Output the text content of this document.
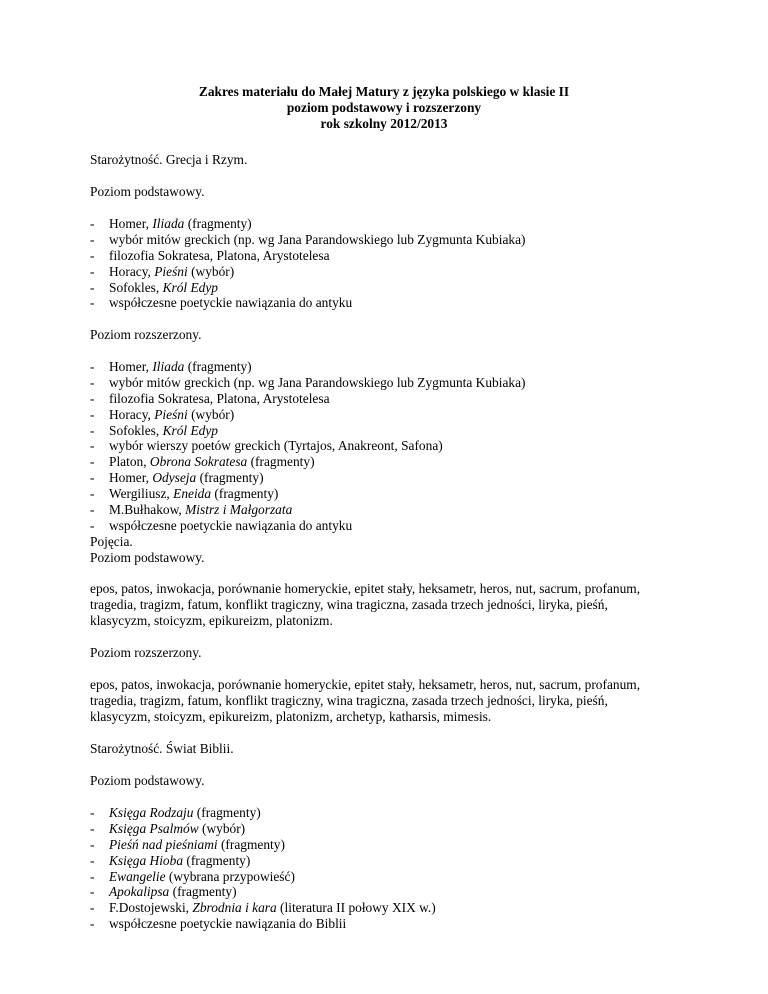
Zakres materiału do Małej Matury z języka polskiego w klasie II
poziom podstawowy i rozszerzony
rok szkolny 2012/2013
Starożytność. Grecja i Rzym.
Poziom podstawowy.
- Homer, Iliada (fragmenty)
- wybór mitów greckich (np. wg Jana Parandowskiego lub Zygmunta Kubiaka)
- filozofia Sokratesa, Platona, Arystotelesa
- Horacy, Pieśni (wybór)
- Sofokles, Król Edyp
- współczesne poetyckie nawiązania do antyku
Poziom rozszerzony.
- Homer, Iliada (fragmenty)
- wybór mitów greckich (np. wg Jana Parandowskiego lub Zygmunta Kubiaka)
- filozofia Sokratesa, Platona, Arystotelesa
- Horacy, Pieśni (wybór)
- Sofokles, Król Edyp
- wybór wierszy poetów greckich (Tyrtajos, Anakreont, Safona)
- Platon, Obrona Sokratesa (fragmenty)
- Homer, Odyseja (fragmenty)
- Wergiliusz, Eneida (fragmenty)
- M.Bułhakow, Mistrz i Małgorzata
- współczesne poetyckie nawiązania do antyku
Pojęcia.
Poziom podstawowy.
epos, patos, inwokacja, porównanie homeryckie, epitet stały, heksametr, heros, nut, sacrum, profanum,
tragedia, tragizm, fatum, konflikt tragiczny, wina tragiczna, zasada trzech jedności, liryka, pieśń,
klasycyzm, stoicyzm, epikureizm, platonizm.
Poziom rozszerzony.
epos, patos, inwokacja, porównanie homeryckie, epitet stały, heksametr, heros, nut, sacrum, profanum,
tragedia, tragizm, fatum, konflikt tragiczny, wina tragiczna, zasada trzech jedności, liryka, pieśń,
klasycyzm, stoicyzm, epikureizm, platonizm, archetyp, katharsis, mimesis.
Starożytność. Świat Biblii.
Poziom podstawowy.
- Księga Rodzaju (fragmenty)
- Księga Psalmów (wybór)
- Pieśń nad pieśniami (fragmenty)
- Księga Hioba (fragmenty)
- Ewangelie (wybrana przypowieść)
- Apokalipsa (fragmenty)
- F.Dostojewski, Zbrodnia i kara (literatura II połowy XIX w.)
- współczesne poetyckie nawiązania do Biblii
